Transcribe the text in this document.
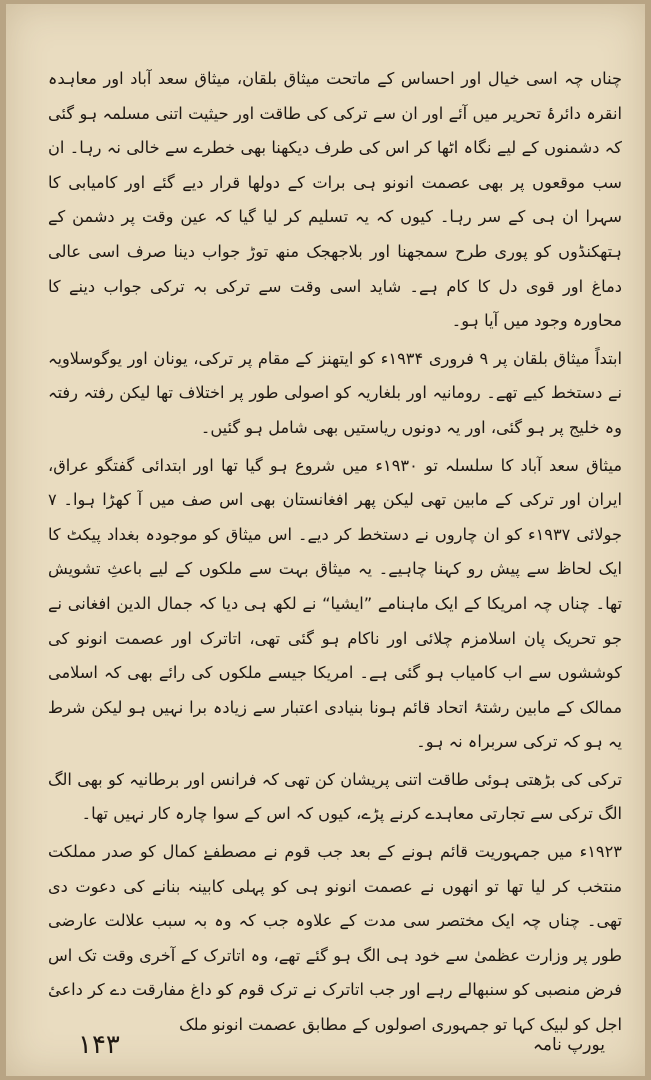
چناں چہ اسی خیال اور احساس کے ماتحت میثاق بلقان، میثاق سعد آباد اور معاہدہ انقرہ دائرۂ تحریر میں آئے اور ان سے ترکی کی طاقت اور حیثیت اتنی مسلمہ ہو گئی کہ دشمنوں کے لیے نگاہ اٹھا کر اس کی طرف دیکھنا بھی خطرے سے خالی نہ رہا۔ ان سب موقعوں پر بھی عصمت انونو ہی برات کے دولھا قرار دیے گئے اور کامیابی کا سہرا ان ہی کے سر رہا۔ کیوں کہ یہ تسلیم کر لیا گیا کہ عین وقت پر دشمن کے ہتھکنڈوں کو پوری طرح سمجھنا اور بلاجھجک منھ توڑ جواب دینا صرف اسی عالی دماغ اور قوی دل کا کام ہے۔ شاید اسی وقت سے ترکی بہ ترکی جواب دینے کا محاورہ وجود میں آیا ہو۔

ابتداً میثاق بلقان پر ۹ فروری ۱۹۳۴ء کو ایتھنز کے مقام پر ترکی، یونان اور یوگوسلاویہ نے دستخط کیے تھے۔ رومانیہ اور بلغاریہ کو اصولی طور پر اختلاف تھا لیکن رفتہ رفتہ وہ خلیج پر ہو گئی، اور یہ دونوں ریاستیں بھی شامل ہو گئیں۔

میثاق سعد آباد کا سلسلہ تو ۱۹۳۰ء میں شروع ہو گیا تھا اور ابتدائی گفتگو عراق، ایران اور ترکی کے مابین تھی لیکن پھر افغانستان بھی اس صف میں آ کھڑا ہوا۔ ۷ جولائی ۱۹۳۷ء کو ان چاروں نے دستخط کر دیے۔ اس میثاق کو موجودہ بغداد پیکٹ کا ایک لحاظ سے پیش رو کہنا چاہیے۔ یہ میثاق بہت سے ملکوں کے لیے باعثِ تشویش تھا۔ چناں چہ امریکا کے ایک ماہنامے ”ایشیا“ نے لکھ ہی دیا کہ جمال الدین افغانی نے جو تحریک پان اسلامزم چلائی اور ناکام ہو گئی تھی، اتاترک اور عصمت انونو کی کوششوں سے اب کامیاب ہو گئی ہے۔ امریکا جیسے ملکوں کی رائے بھی کہ اسلامی ممالک کے مابین رشتۂ اتحاد قائم ہونا بنیادی اعتبار سے زیادہ برا نہیں ہو لیکن شرط یہ ہو کہ ترکی سربراہ نہ ہو۔

ترکی کی بڑھتی ہوئی طاقت اتنی پریشان کن تھی کہ فرانس اور برطانیہ کو بھی الگ الگ ترکی سے تجارتی معاہدے کرنے پڑے، کیوں کہ اس کے سوا چارہ کار نہیں تھا۔

۱۹۲۳ء میں جمہوریت قائم ہونے کے بعد جب قوم نے مصطفےٰ کمال کو صدر مملکت منتخب کر لیا تھا تو انھوں نے عصمت انونو ہی کو پہلی کابینہ بنانے کی دعوت دی تھی۔ چناں چہ ایک مختصر سی مدت کے علاوہ جب کہ وہ بہ سبب علالت عارضی طور پر وزارت عظمیٰ سے خود ہی الگ ہو گئے تھے، وہ اتاترک کے آخری وقت تک اس فرض منصبی کو سنبھالے رہے اور جب اتاترک نے ترک قوم کو داغ مفارقت دے کر داعیٔ اجل کو لبیک کہا تو جمہوری اصولوں کے مطابق عصمت انونو ملک

۱۴۳	یورپ نامہ
